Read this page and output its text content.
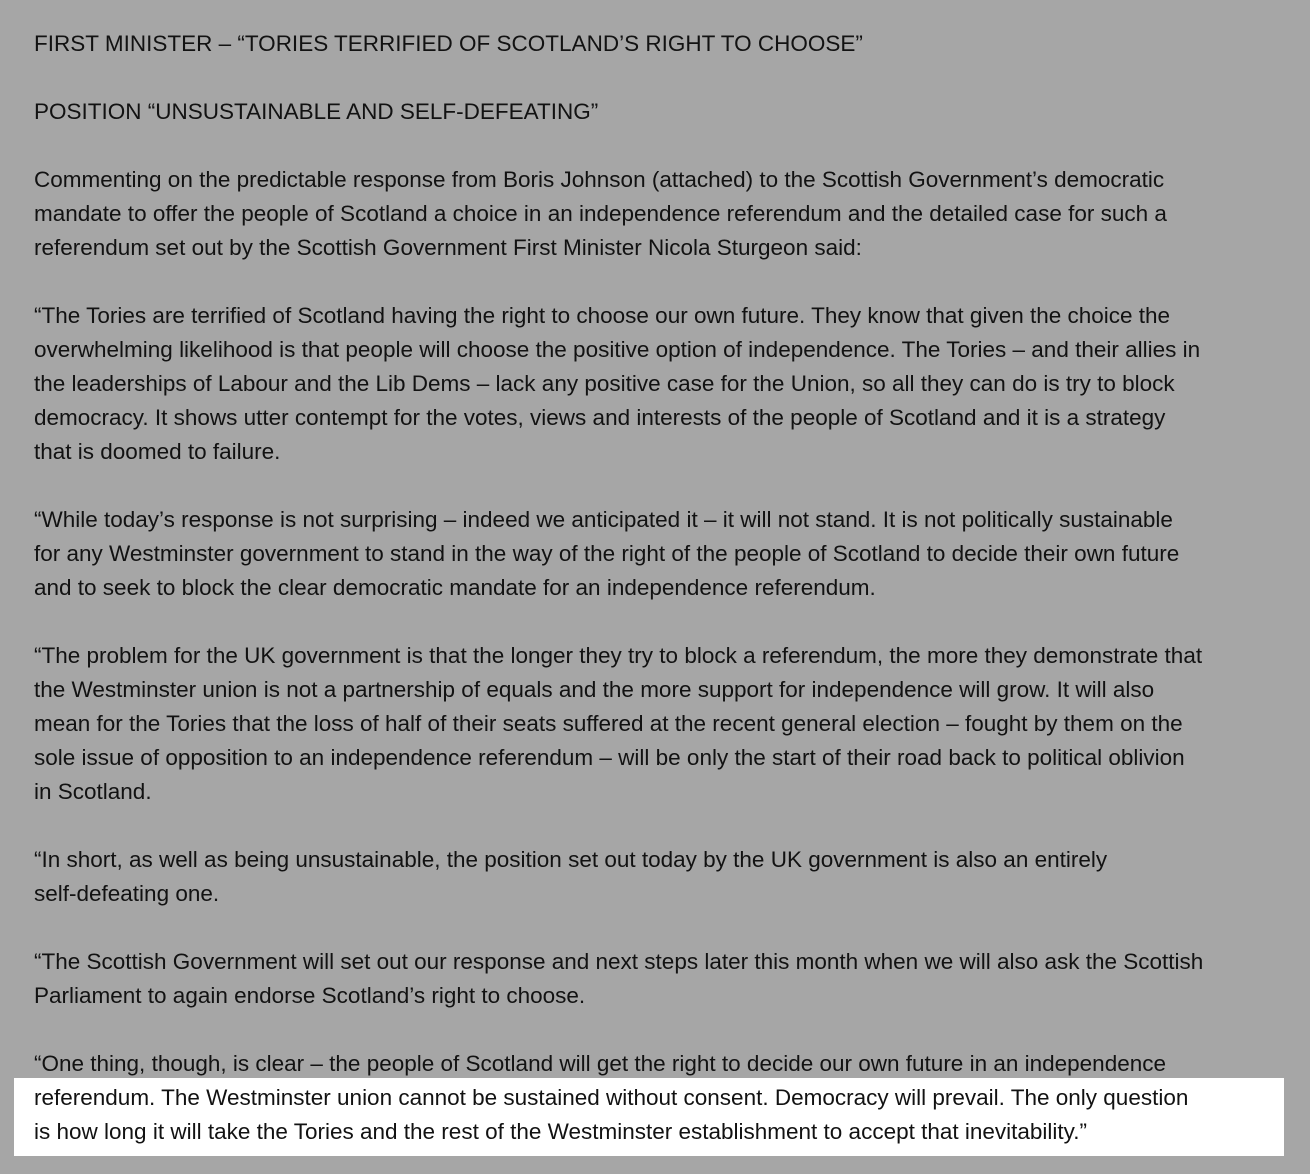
FIRST MINISTER – “TORIES TERRIFIED OF SCOTLAND’S RIGHT TO CHOOSE”

POSITION “UNSUSTAINABLE AND SELF-DEFEATING”

Commenting on the predictable response from Boris Johnson (attached) to the Scottish Government’s democratic
mandate to offer the people of Scotland a choice in an independence referendum and the detailed case for such a
referendum set out by the Scottish Government First Minister Nicola Sturgeon said:

“The Tories are terrified of Scotland having the right to choose our own future. They know that given the choice the
overwhelming likelihood is that people will choose the positive option of independence. The Tories – and their allies in
the leaderships of Labour and the Lib Dems – lack any positive case for the Union, so all they can do is try to block
democracy. It shows utter contempt for the votes, views and interests of the people of Scotland and it is a strategy
that is doomed to failure.

“While today’s response is not surprising – indeed we anticipated it – it will not stand. It is not politically sustainable
for any Westminster government to stand in the way of the right of the people of Scotland to decide their own future
and to seek to block the clear democratic mandate for an independence referendum.

“The problem for the UK government is that the longer they try to block a referendum, the more they demonstrate that
the Westminster union is not a partnership of equals and the more support for independence will grow. It will also
mean for the Tories that the loss of half of their seats suffered at the recent general election – fought by them on the
sole issue of opposition to an independence referendum – will be only the start of their road back to political oblivion
in Scotland.

“In short, as well as being unsustainable, the position set out today by the UK government is also an entirely
self-defeating one.

“The Scottish Government will set out our response and next steps later this month when we will also ask the Scottish
Parliament to again endorse Scotland’s right to choose.

“One thing, though, is clear – the people of Scotland will get the right to decide our own future in an independence
referendum. The Westminster union cannot be sustained without consent. Democracy will prevail. The only question
is how long it will take the Tories and the rest of the Westminster establishment to accept that inevitability.”
